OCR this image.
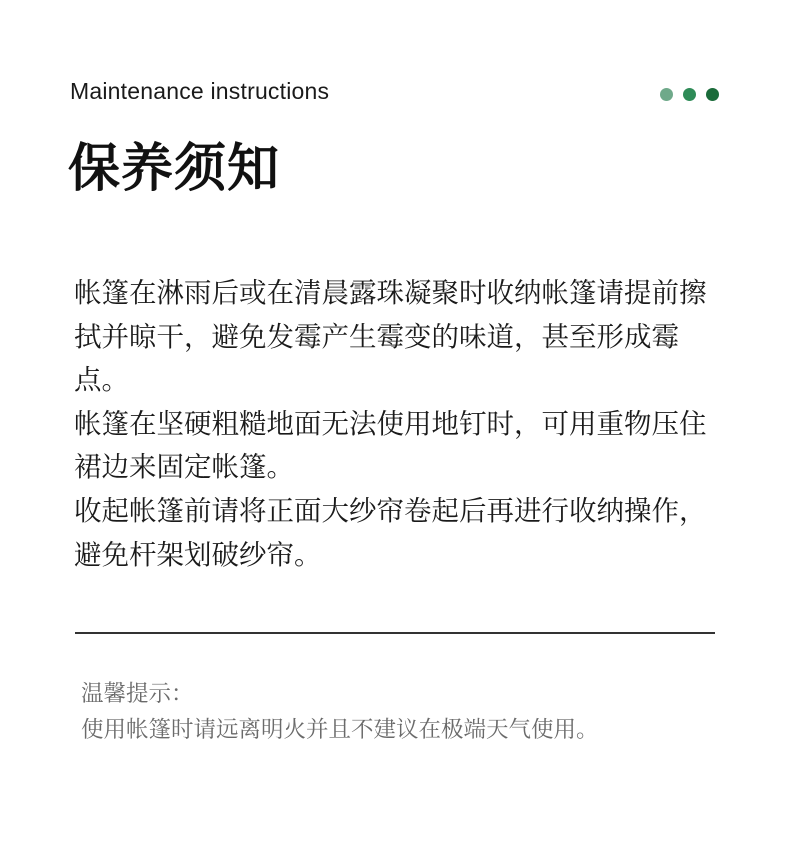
Maintenance instructions
保养须知

帐篷在淋雨后或在清晨露珠凝聚时收纳帐篷请提前擦拭并晾干，避免发霉产生霉变的味道，甚至形成霉点。

帐篷在坚硬粗糙地面无法使用地钉时，可用重物压住裙边来固定帐篷。

收起帐篷前请将正面大纱帘卷起后再进行收纳操作，避免杆架划破纱帘。

温馨提示：
使用帐篷时请远离明火并且不建议在极端天气使用。
